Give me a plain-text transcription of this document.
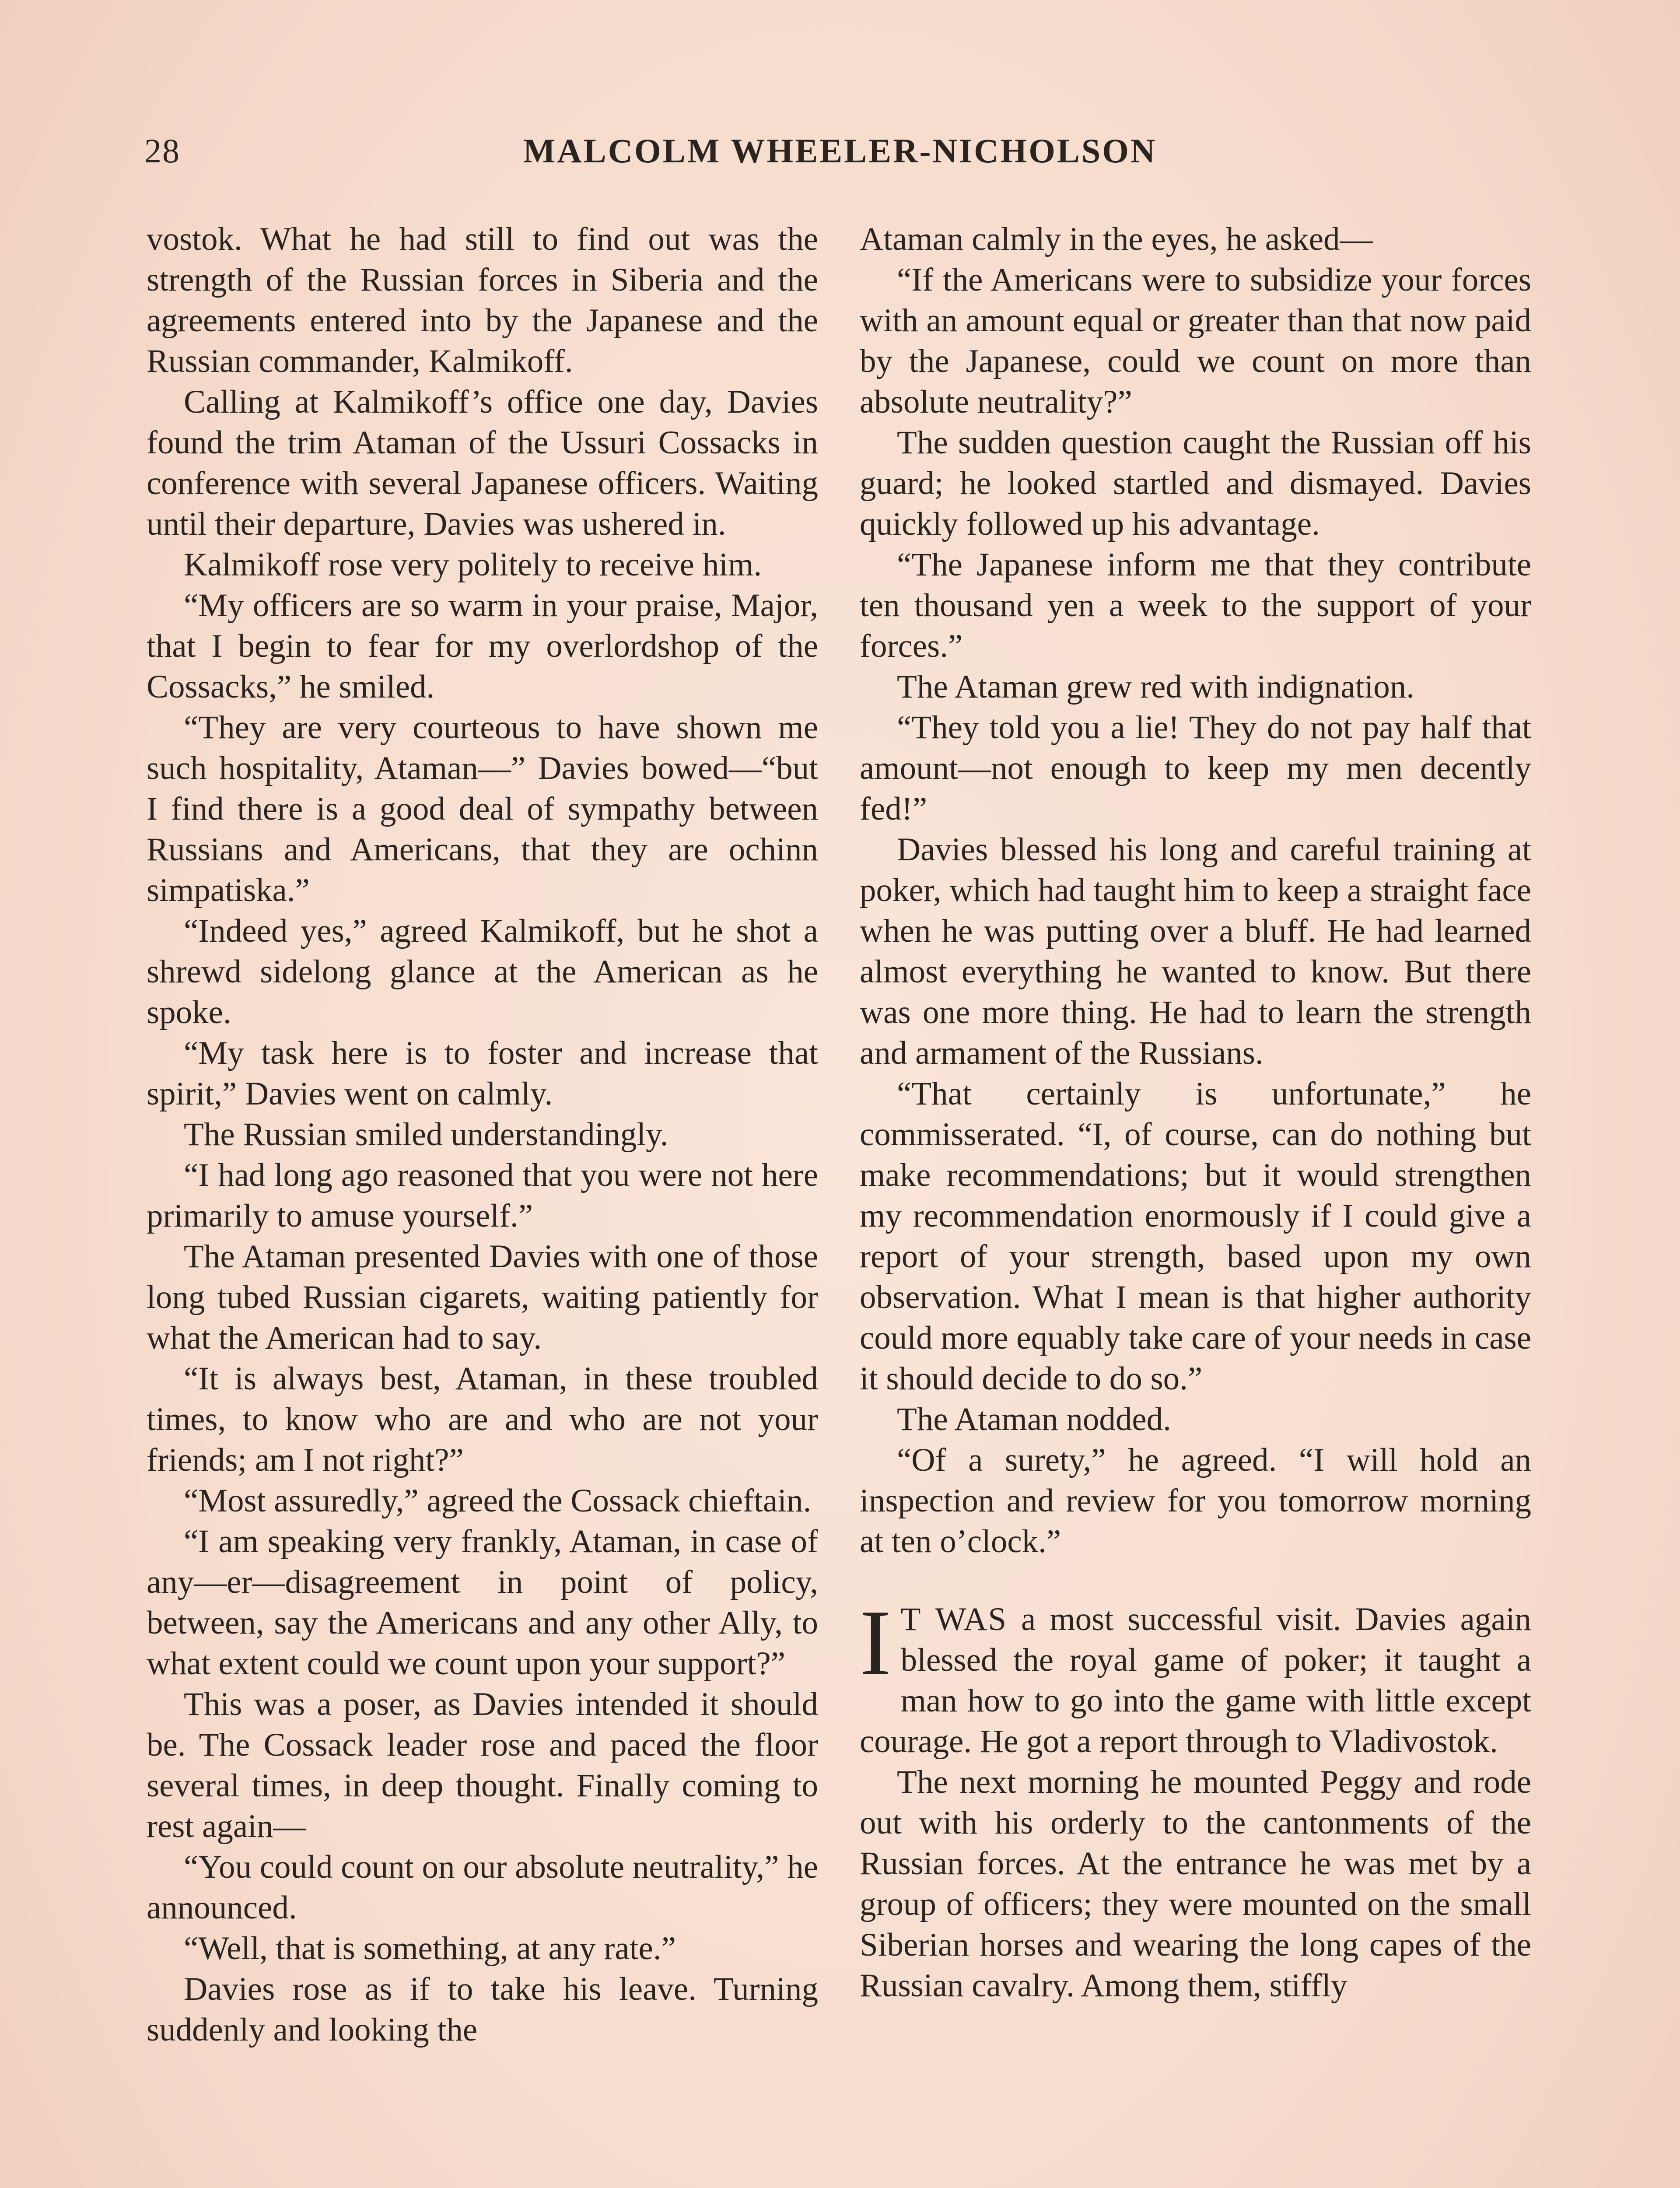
28	MALCOLM WHEELER-NICHOLSON

vostok. What he had still to find out was the strength of the Russian forces in Siberia and the agreements entered into by the Japanese and the Russian commander, Kalmikoff.

Calling at Kalmikoff’s office one day, Davies found the trim Ataman of the Ussuri Cossacks in conference with several Japanese officers. Waiting until their departure, Davies was ushered in.

Kalmikoff rose very politely to receive him.

“My officers are so warm in your praise, Major, that I begin to fear for my overlordshop of the Cossacks,” he smiled.

“They are very courteous to have shown me such hospitality, Ataman—” Davies bowed—“but I find there is a good deal of sympathy between Russians and Americans, that they are ochinn simpatiska.”

“Indeed yes,” agreed Kalmikoff, but he shot a shrewd sidelong glance at the American as he spoke.

“My task here is to foster and increase that spirit,” Davies went on calmly.

The Russian smiled understandingly.

“I had long ago reasoned that you were not here primarily to amuse yourself.”

The Ataman presented Davies with one of those long tubed Russian cigarets, waiting patiently for what the American had to say.

“It is always best, Ataman, in these troubled times, to know who are and who are not your friends; am I not right?”

“Most assuredly,” agreed the Cossack chieftain.

“I am speaking very frankly, Ataman, in case of any—er—disagreement in point of policy, between, say the Americans and any other Ally, to what extent could we count upon your support?”

This was a poser, as Davies intended it should be. The Cossack leader rose and paced the floor several times, in deep thought. Finally coming to rest again—

“You could count on our absolute neutrality,” he announced.

“Well, that is something, at any rate.”

Davies rose as if to take his leave. Turning suddenly and looking the

Ataman calmly in the eyes, he asked—

“If the Americans were to subsidize your forces with an amount equal or greater than that now paid by the Japanese, could we count on more than absolute neutrality?”

The sudden question caught the Russian off his guard; he looked startled and dismayed. Davies quickly followed up his advantage.

“The Japanese inform me that they contribute ten thousand yen a week to the support of your forces.”

The Ataman grew red with indignation.

“They told you a lie! They do not pay half that amount—not enough to keep my men decently fed!”

Davies blessed his long and careful training at poker, which had taught him to keep a straight face when he was putting over a bluff. He had learned almost everything he wanted to know. But there was one more thing. He had to learn the strength and armament of the Russians.

“That certainly is unfortunate,” he commisserated. “I, of course, can do nothing but make recommendations; but it would strengthen my recommendation enormously if I could give a report of your strength, based upon my own observation. What I mean is that higher authority could more equably take care of your needs in case it should decide to do so.”

The Ataman nodded.

“Of a surety,” he agreed. “I will hold an inspection and review for you tomorrow morning at ten o’clock.”

I T WAS a most successful visit. Davies again blessed the royal game of poker; it taught a man how to go into the game with little except courage. He got a report through to Vladivostok.

The next morning he mounted Peggy and rode out with his orderly to the cantonments of the Russian forces. At the entrance he was met by a group of officers; they were mounted on the small Siberian horses and wearing the long capes of the Russian cavalry. Among them, stiffly
